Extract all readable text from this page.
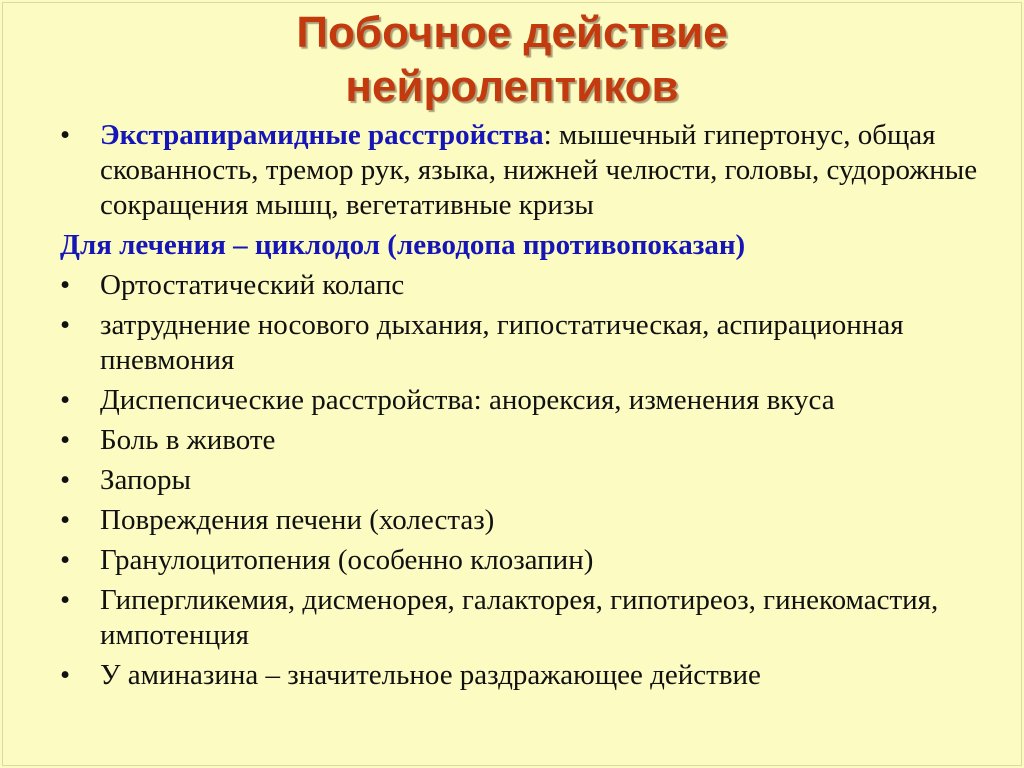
Побочное действие
нейролептиков
•	Экстрапирамидные расстройства: мышечный гипертонус, общая скованность, тремор рук, языка, нижней челюсти, головы, судорожные сокращения мышц, вегетативные кризы
Для лечения – циклодол (леводопа противопоказан)
•	Ортостатический колапс
•	затруднение носового дыхания, гипостатическая, аспирационная пневмония
•	Диспепсические расстройства: анорексия, изменения вкуса
•	Боль в животе
•	Запоры
•	Повреждения печени (холестаз)
•	Гранулоцитопения (особенно клозапин)
•	Гипергликемия, дисменорея, галакторея, гипотиреоз, гинекомастия, импотенция
•	У аминазина – значительное раздражающее действие
